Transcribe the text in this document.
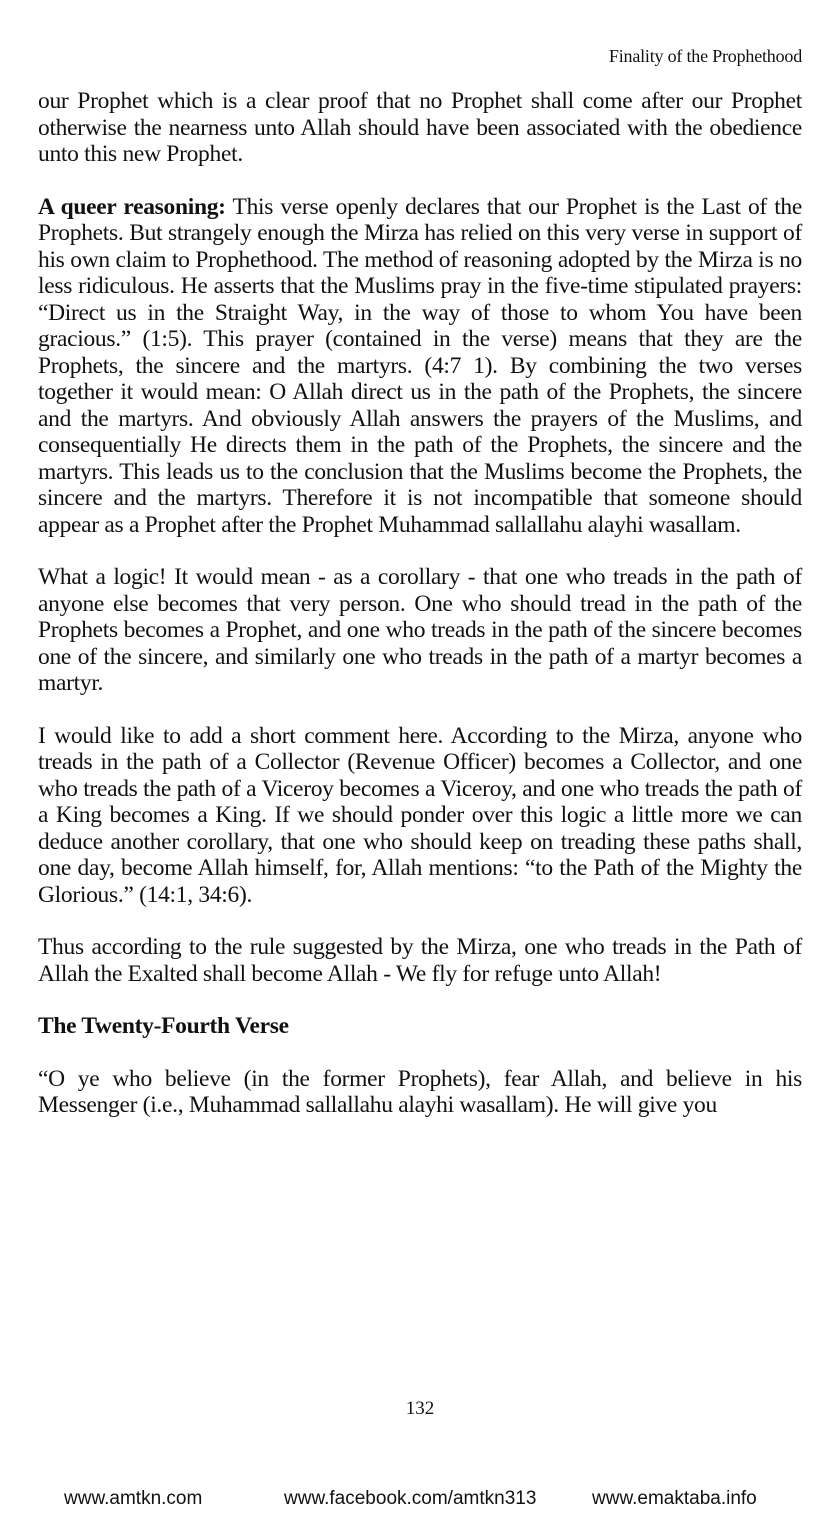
Finality of the Prophethood

our Prophet which is a clear proof that no Prophet shall come after our Prophet otherwise the nearness unto Allah should have been associated with the obedience unto this new Prophet.

A queer reasoning: This verse openly declares that our Prophet is the Last of the Prophets. But strangely enough the Mirza has relied on this very verse in support of his own claim to Prophethood. The method of reasoning adopted by the Mirza is no less ridiculous. He asserts that the Muslims pray in the five-time stipulated prayers: “Direct us in the Straight Way, in the way of those to whom You have been gracious.” (1:5). This prayer (contained in the verse) means that they are the Prophets, the sincere and the martyrs. (4:7 1). By combining the two verses together it would mean: O Allah direct us in the path of the Prophets, the sincere and the martyrs. And obviously Allah answers the prayers of the Muslims, and consequentially He directs them in the path of the Prophets, the sincere and the martyrs. This leads us to the conclusion that the Muslims become the Prophets, the sincere and the martyrs. Therefore it is not incompatible that someone should appear as a Prophet after the Prophet Muhammad sallallahu alayhi wasallam.

What a logic! It would mean - as a corollary - that one who treads in the path of anyone else becomes that very person. One who should tread in the path of the Prophets becomes a Prophet, and one who treads in the path of the sincere becomes one of the sincere, and similarly one who treads in the path of a martyr becomes a martyr.

I would like to add a short comment here. According to the Mirza, anyone who treads in the path of a Collector (Revenue Officer) becomes a Collector, and one who treads the path of a Viceroy becomes a Viceroy, and one who treads the path of a King becomes a King. If we should ponder over this logic a little more we can deduce another corollary, that one who should keep on treading these paths shall, one day, become Allah himself, for, Allah mentions: “to the Path of the Mighty the Glorious.” (14:1, 34:6).

Thus according to the rule suggested by the Mirza, one who treads in the Path of Allah the Exalted shall become Allah - We fly for refuge unto Allah!

The Twenty-Fourth Verse

“O ye who believe (in the former Prophets), fear Allah, and believe in his Messenger (i.e., Muhammad sallallahu alayhi wasallam). He will give you

132
www.amtkn.com	www.facebook.com/amtkn313	www.emaktaba.info
